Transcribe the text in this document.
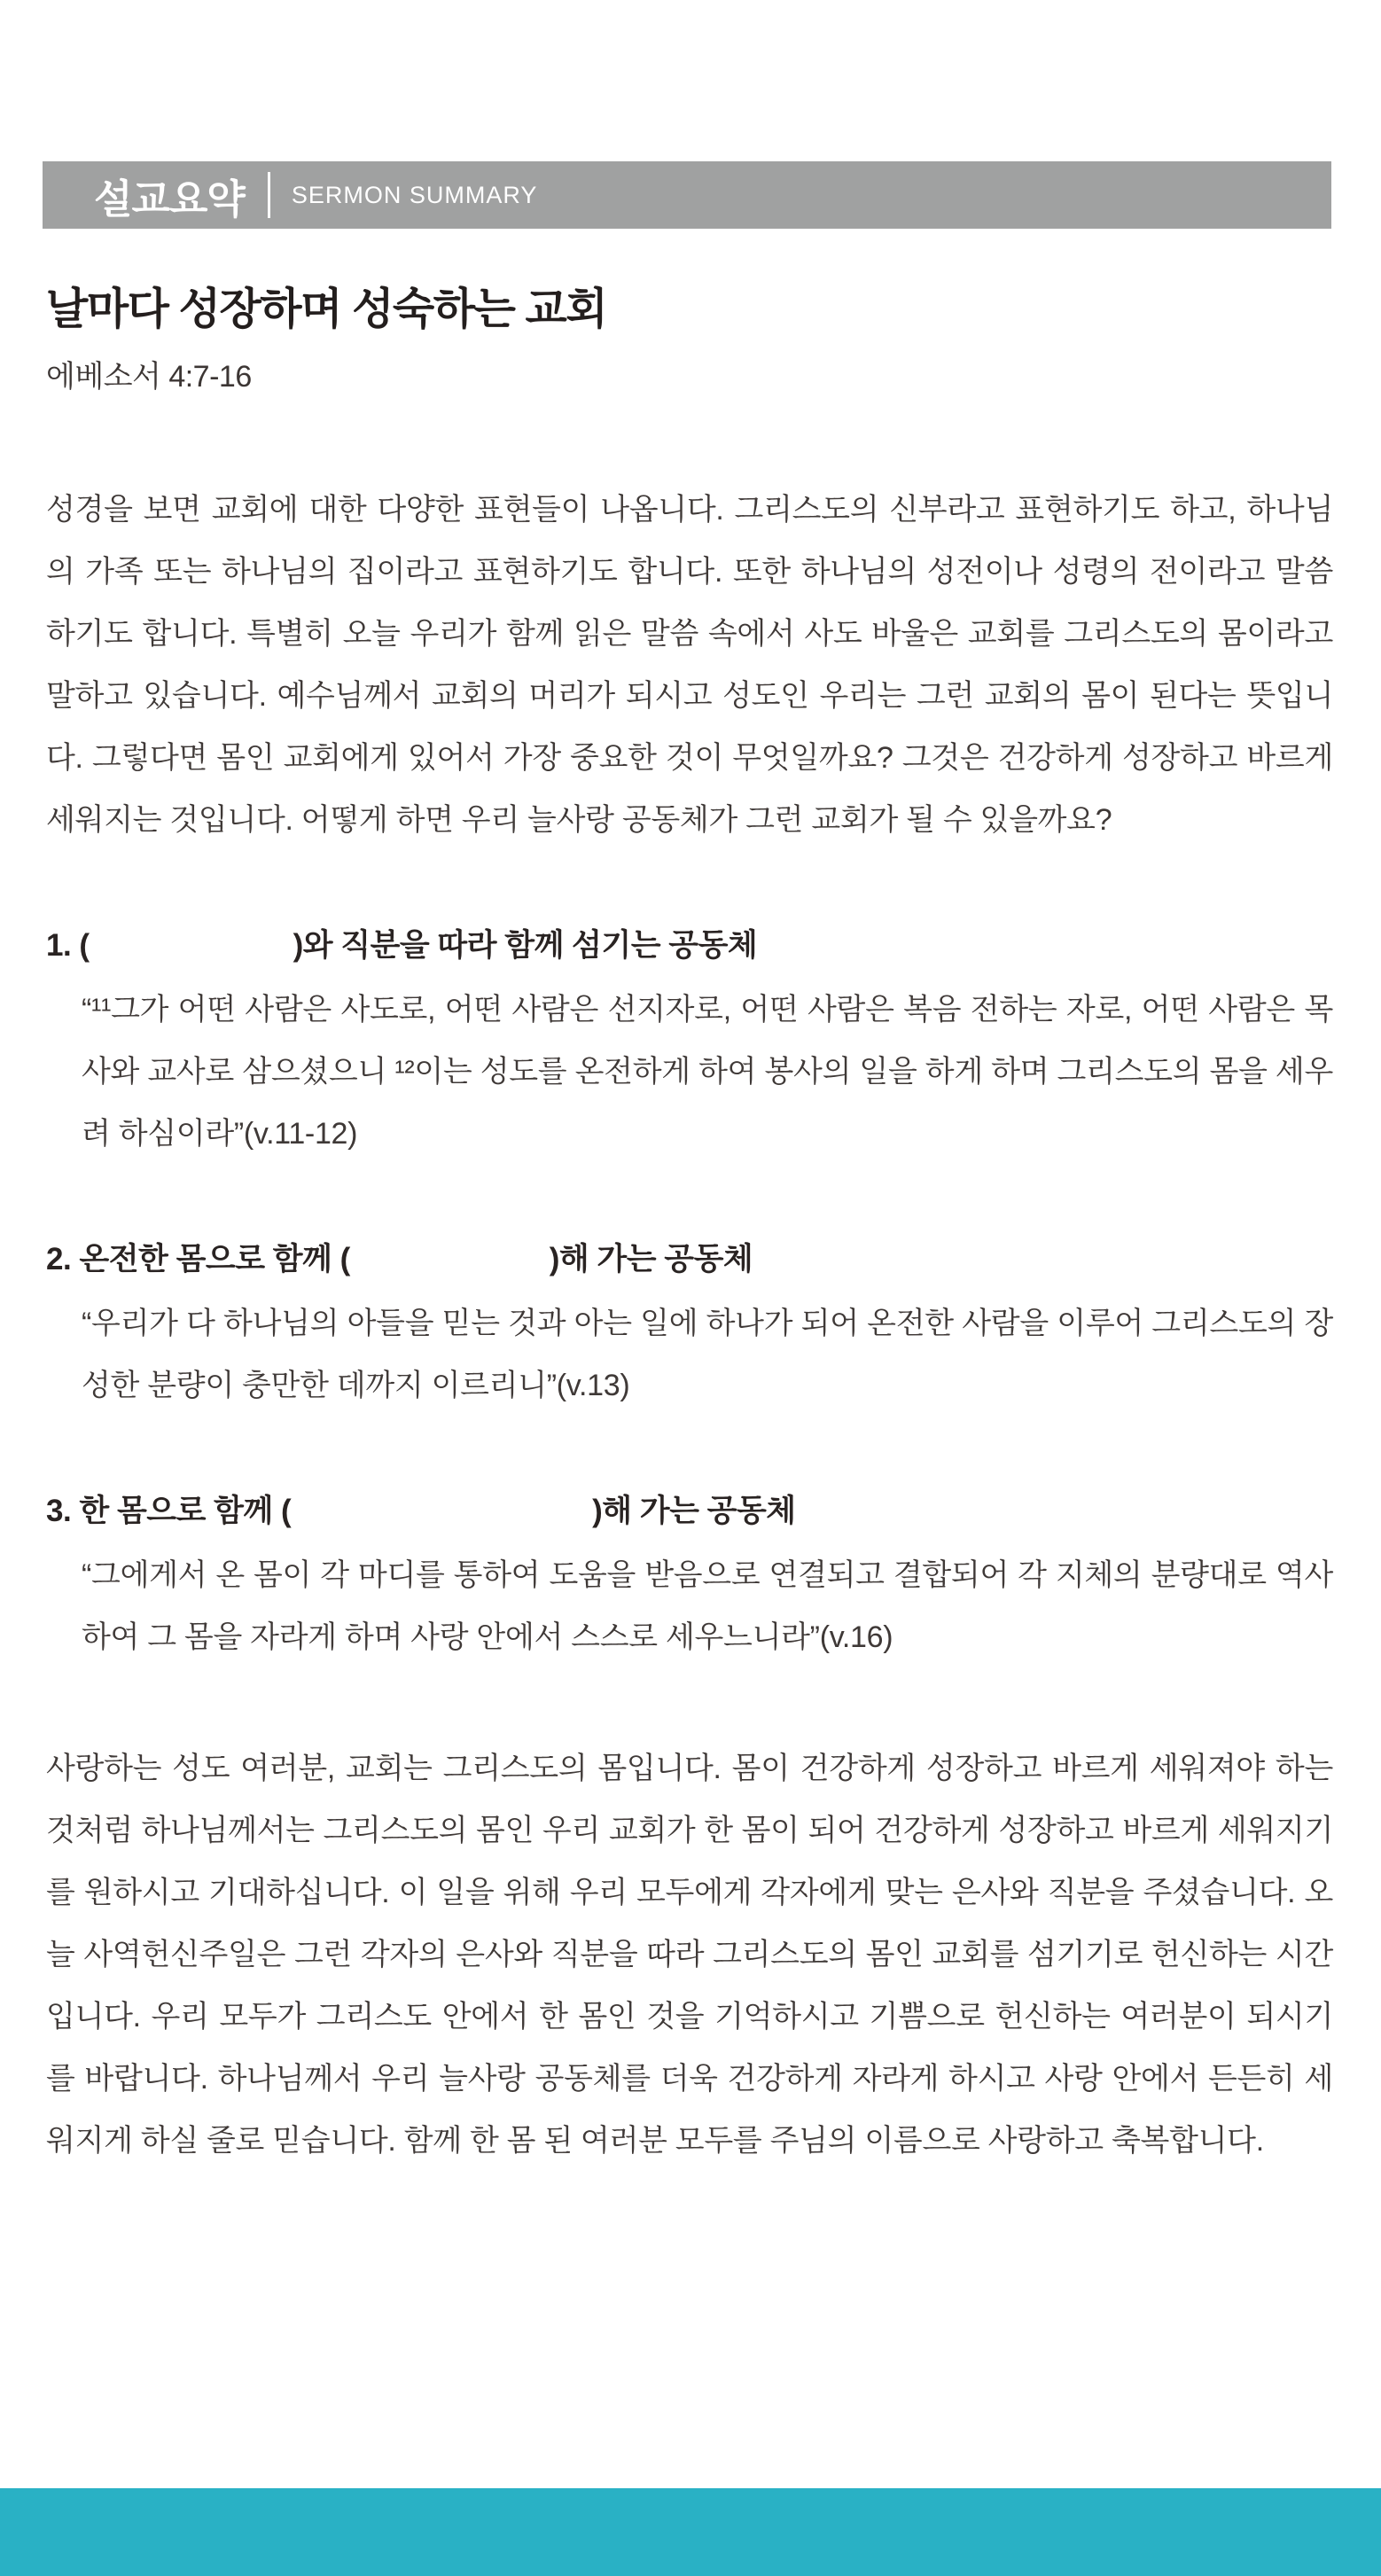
설교요약 SERMON SUMMARY
날마다 성장하며 성숙하는 교회
에베소서 4:7-16

성경을 보면 교회에 대한 다양한 표현들이 나옵니다. 그리스도의 신부라고 표현하기도 하고, 하나님의 가족 또는 하나님의 집이라고 표현하기도 합니다. 또한 하나님의 성전이나 성령의 전이라고 말씀하기도 합니다. 특별히 오늘 우리가 함께 읽은 말씀 속에서 사도 바울은 교회를 그리스도의 몸이라고 말하고 있습니다. 예수님께서 교회의 머리가 되시고 성도인 우리는 그런 교회의 몸이 된다는 뜻입니다. 그렇다면 몸인 교회에게 있어서 가장 중요한 것이 무엇일까요? 그것은 건강하게 성장하고 바르게 세워지는 것입니다. 어떻게 하면 우리 늘사랑 공동체가 그런 교회가 될 수 있을까요?

1. (	)와 직분을 따라 함께 섬기는 공동체

“¹¹그가 어떤 사람은 사도로, 어떤 사람은 선지자로, 어떤 사람은 복음 전하는 자로, 어떤 사람은 목사와 교사로 삼으셨으니 ¹²이는 성도를 온전하게 하여 봉사의 일을 하게 하며 그리스도의 몸을 세우려 하심이라”(v.11-12)

2. 온전한 몸으로 함께 (	)해 가는 공동체

“우리가 다 하나님의 아들을 믿는 것과 아는 일에 하나가 되어 온전한 사람을 이루어 그리스도의 장성한 분량이 충만한 데까지 이르리니”(v.13)

3. 한 몸으로 함께 (	)해 가는 공동체

“그에게서 온 몸이 각 마디를 통하여 도움을 받음으로 연결되고 결합되어 각 지체의 분량대로 역사하여 그 몸을 자라게 하며 사랑 안에서 스스로 세우느니라”(v.16)

사랑하는 성도 여러분, 교회는 그리스도의 몸입니다. 몸이 건강하게 성장하고 바르게 세워져야 하는 것처럼 하나님께서는 그리스도의 몸인 우리 교회가 한 몸이 되어 건강하게 성장하고 바르게 세워지기를 원하시고 기대하십니다. 이 일을 위해 우리 모두에게 각자에게 맞는 은사와 직분을 주셨습니다. 오늘 사역헌신주일은 그런 각자의 은사와 직분을 따라 그리스도의 몸인 교회를 섬기기로 헌신하는 시간입니다. 우리 모두가 그리스도 안에서 한 몸인 것을 기억하시고 기쁨으로 헌신하는 여러분이 되시기를 바랍니다. 하나님께서 우리 늘사랑 공동체를 더욱 건강하게 자라게 하시고 사랑 안에서 든든히 세워지게 하실 줄로 믿습니다. 함께 한 몸 된 여러분 모두를 주님의 이름으로 사랑하고 축복합니다.
